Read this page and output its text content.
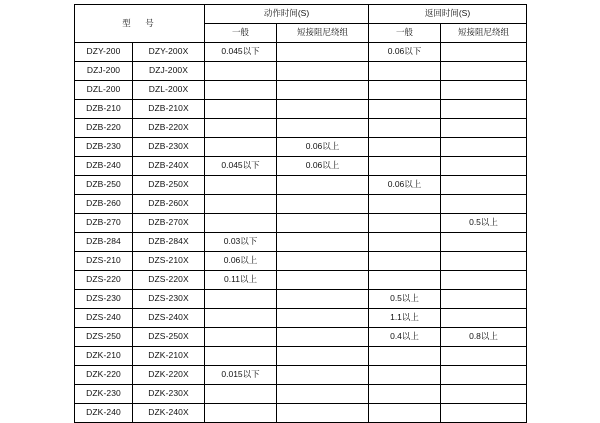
型　号		动作时间(S)		返回时间(S)	
		一般	短接阻尼绕组	一般	短接阻尼绕组
DZY-200	DZY-200X	0.045以下		0.06以下	
DZJ-200	DZJ-200X				
DZL-200	DZL-200X				
DZB-210	DZB-210X				
DZB-220	DZB-220X				
DZB-230	DZB-230X		0.06以上		
DZB-240	DZB-240X	0.045以下	0.06以上		
DZB-250	DZB-250X			0.06以上	
DZB-260	DZB-260X				
DZB-270	DZB-270X				0.5以上
DZB-284	DZB-284X	0.03以下			
DZS-210	DZS-210X	0.06以上			
DZS-220	DZS-220X	0.11以上			
DZS-230	DZS-230X			0.5以上	
DZS-240	DZS-240X			1.1以上	
DZS-250	DZS-250X			0.4以上	0.8以上
DZK-210	DZK-210X				
DZK-220	DZK-220X	0.015以下			
DZK-230	DZK-230X				
DZK-240	DZK-240X				
